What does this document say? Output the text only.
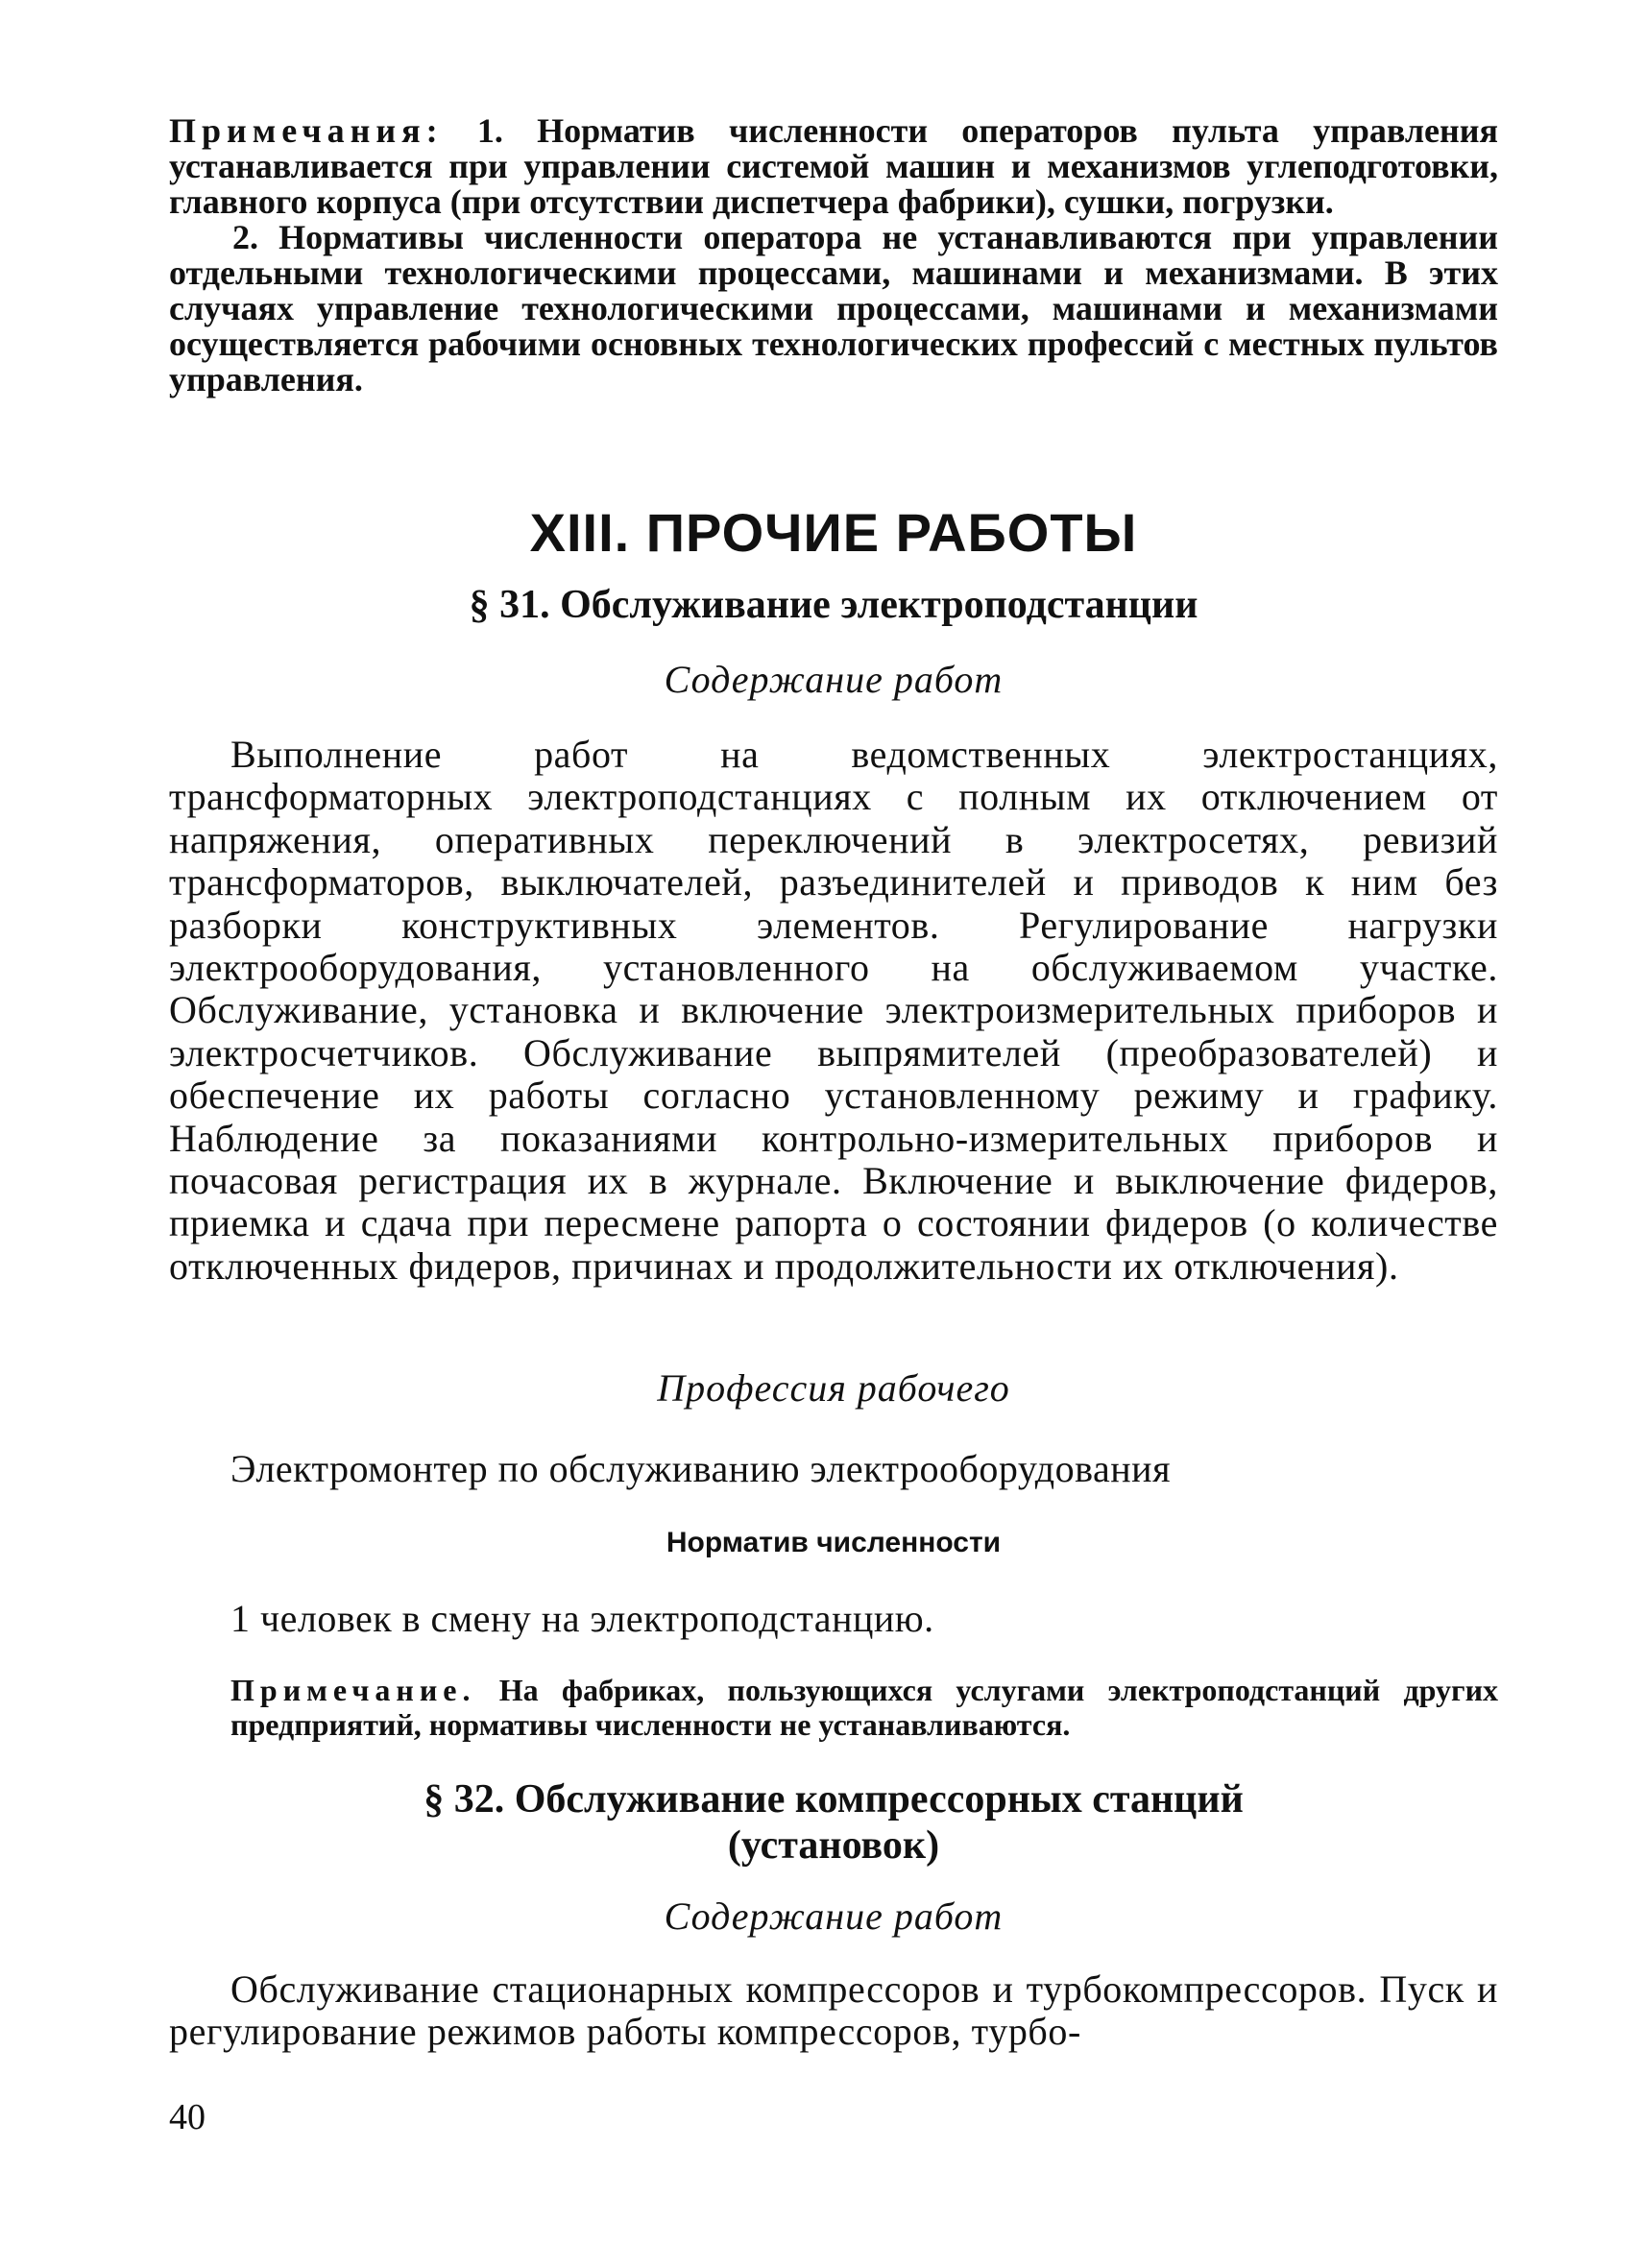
Примечания: 1. Норматив численности операторов пульта управления устанавливается при управлении системой машин и механизмов углеподготовки, главного корпуса (при отсутствии диспетчера фабрики), сушки, погрузки.

2. Нормативы численности оператора не устанавливаются при управлении отдельными технологическими процессами, машинами и механизмами. В этих случаях управление технологическими процессами, машинами и механизмами осуществляется рабочими основных технологических профессий с местных пультов управления.

XIII. ПРОЧИЕ РАБОТЫ
§ 31. Обслуживание электроподстанции
Содержание работ

Выполнение работ на ведомственных электростанциях, трансформаторных электроподстанциях с полным их отключением от напряжения, оперативных переключений в электросетях, ревизий трансформаторов, выключателей, разъединителей и приводов к ним без разборки конструктивных элементов. Регулирование нагрузки электрооборудования, установленного на обслуживаемом участке. Обслуживание, установка и включение электроизмерительных приборов и электросчетчиков. Обслуживание выпрямителей (преобразователей) и обеспечение их работы согласно установленному режиму и графику. Наблюдение за показаниями контрольно-измерительных приборов и почасовая регистрация их в журнале. Включение и выключение фидеров, приемка и сдача при пересмене рапорта о состоянии фидеров (о количестве отключенных фидеров, причинах и продолжительности их отключения).

Профессия рабочего
Электромонтер по обслуживанию электрооборудования
Норматив численности
1 человек в смену на электроподстанцию.
Примечание. На фабриках, пользующихся услугами электроподстанций других предприятий, нормативы численности не устанавливаются.
§ 32. Обслуживание компрессорных станций
(установок)
Содержание работ

Обслуживание стационарных компрессоров и турбокомпрессоров. Пуск и регулирование режимов работы компрессоров, турбо-

40
